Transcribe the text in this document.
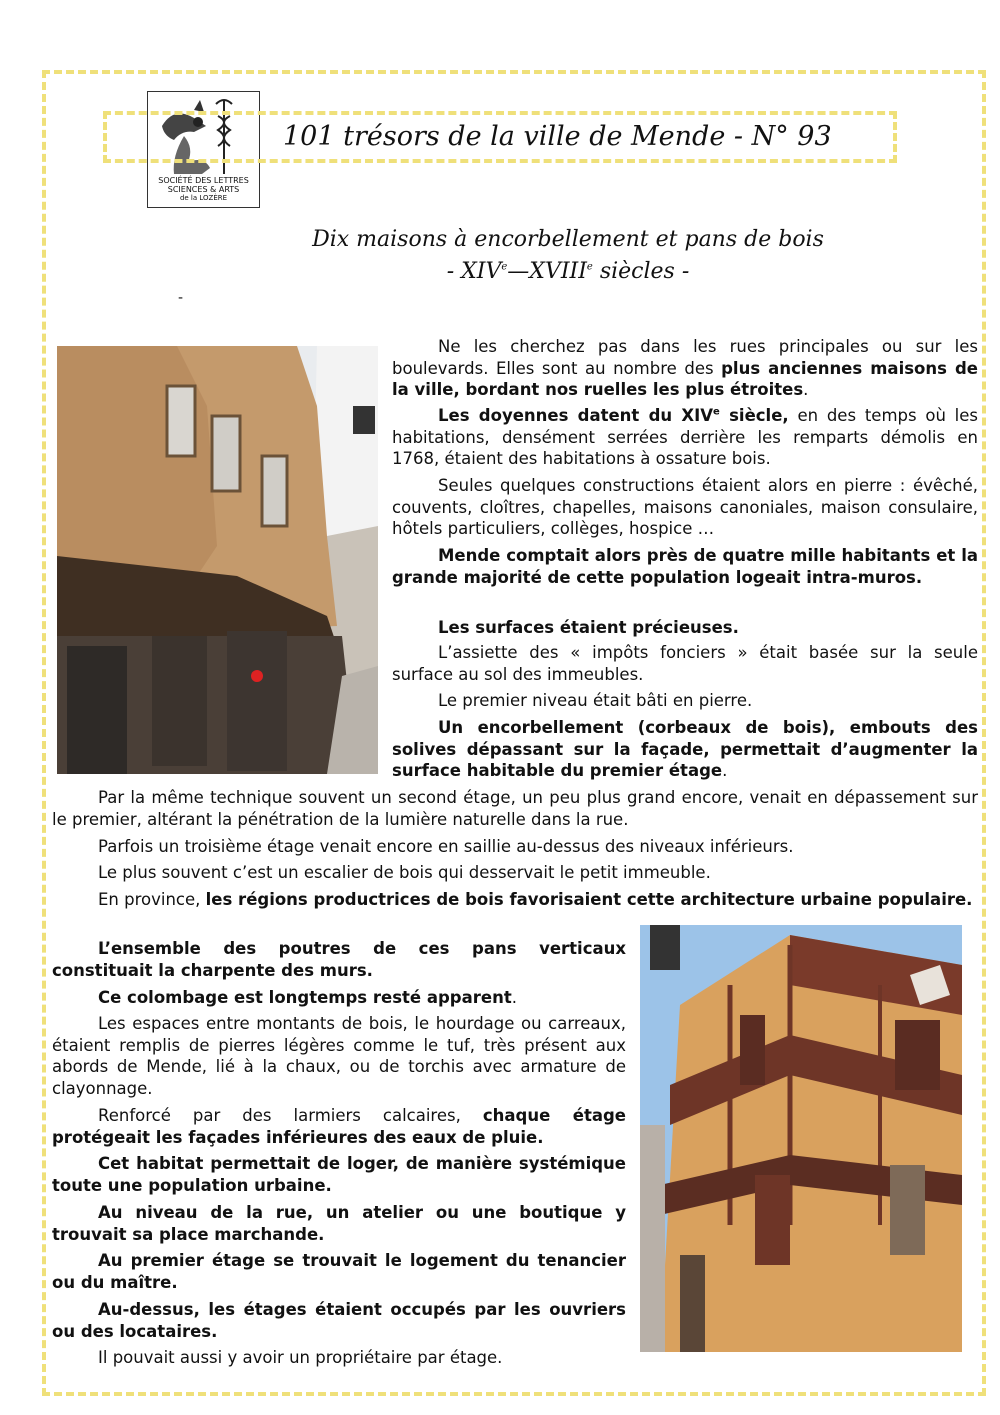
SOCIÉTÉ DES LETTRES
SCIENCES & ARTS
de la LOZÈRE
101 trésors de la ville de Mende - N° 93
Dix maisons à encorbellement et pans de bois
- XIVe—XVIIIe siècles -
-

Ne les cherchez pas dans les rues principales ou sur les boulevards. Elles sont au nombre des plus anciennes maisons de la ville, bordant nos ruelles les plus étroites.

Les doyennes datent du XIVe siècle, en des temps où les habitations, densément serrées derrière les remparts démolis en 1768, étaient des habitations à ossature bois.

Seules quelques constructions étaient alors en pierre : évêché, couvents, cloîtres, chapelles, maisons canoniales, maison consulaire, hôtels particuliers, collèges, hospice …

Mende comptait alors près de quatre mille habitants et la grande majorité de cette population logeait intra-muros.

Les surfaces étaient précieuses.

L’assiette des « impôts fonciers » était basée sur la seule surface au sol des immeubles.

Le premier niveau était bâti en pierre.

Un encorbellement (corbeaux de bois), embouts des solives dépassant sur la façade, permettait d’augmenter la surface habitable du premier étage.

Par la même technique souvent un second étage, un peu plus grand encore, venait en dépassement sur le premier, altérant la pénétration de la lumière naturelle dans la rue.

Parfois un troisième étage venait encore en saillie au-dessus des niveaux inférieurs.

Le plus souvent c’est un escalier de bois qui desservait le petit immeuble.

En province, les régions productrices de bois favorisaient cette architecture urbaine populaire.

L’ensemble des poutres de ces pans verticaux constituait la charpente des murs.

Ce colombage est longtemps resté apparent.

Les espaces entre montants de bois, le hourdage ou carreaux, étaient remplis de pierres légères comme le tuf, très présent aux abords de Mende, lié à la chaux, ou de torchis avec armature de clayonnage.

Renforcé par des larmiers calcaires, chaque étage protégeait les façades inférieures des eaux de pluie.

Cet habitat permettait de loger, de manière systémique toute une population urbaine.

Au niveau de la rue, un atelier ou une boutique y trouvait sa place marchande.

Au premier étage se trouvait le logement du tenancier ou du maître.

Au-dessus, les étages étaient occupés par les ouvriers ou des locataires.

Il pouvait aussi y avoir un propriétaire par étage.
